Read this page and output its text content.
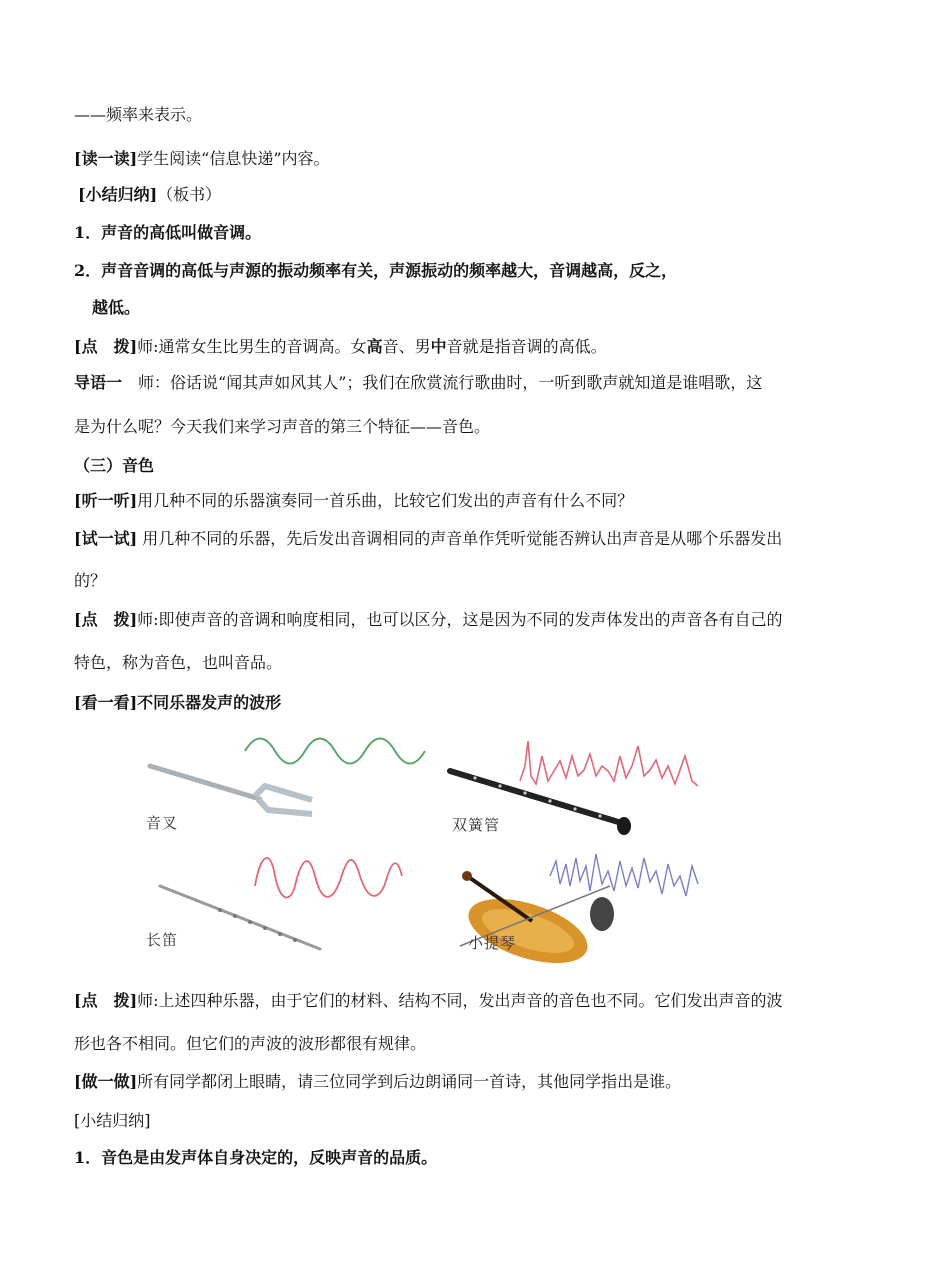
——频率来表示。
[读一读]学生阅读“信息快递”内容。
[小结归纳]（板书）
1．声音的高低叫做音调。
2．声音音调的高低与声源的振动频率有关，声源振动的频率越大，音调越高，反之，
越低。
[点　拨]师:通常女生比男生的音调高。女高音、男中音就是指音调的高低。
导语一　师：俗话说“闻其声如风其人”；我们在欣赏流行歌曲时，一听到歌声就知道是谁唱歌，这
是为什么呢？今天我们来学习声音的第三个特征——音色。
（三）音色
[听一听]用几种不同的乐器演奏同一首乐曲，比较它们发出的声音有什么不同？
[试一试] 用几种不同的乐器，先后发出音调相同的声音单作凭听觉能否辨认出声音是从哪个乐器发出
的？
[点　拨]师:即使声音的音调和响度相同，也可以区分，这是因为不同的发声体发出的声音各有自己的
特色，称为音色，也叫音品。
[看一看]不同乐器发声的波形
音叉	双簧管
长笛	小提琴
[点　拨]师:上述四种乐器，由于它们的材料、结构不同，发出声音的音色也不同。它们发出声音的波
形也各不相同。但它们的声波的波形都很有规律。
[做一做]所有同学都闭上眼睛，请三位同学到后边朗诵同一首诗，其他同学指出是谁。
[小结归纳]
1．音色是由发声体自身决定的，反映声音的品质。
